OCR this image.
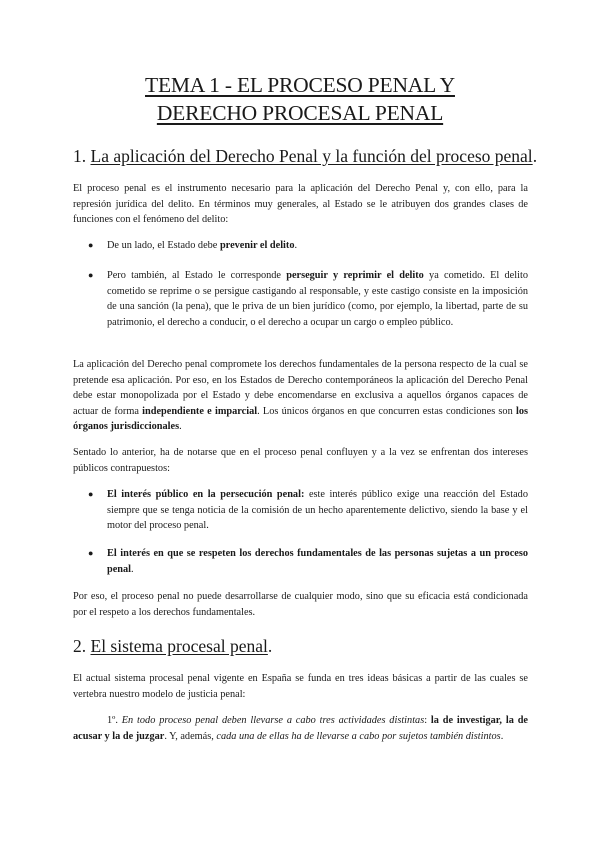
TEMA 1 - EL PROCESO PENAL Y
DERECHO PROCESAL PENAL
1. La aplicación del Derecho Penal y la función del proceso penal.

El proceso penal es el instrumento necesario para la aplicación del Derecho Penal y, con ello, para la represión jurídica del delito. En términos muy generales, al Estado se le atribuyen dos grandes clases de funciones con el fenómeno del delito:

● De un lado, el Estado debe prevenir el delito.

● Pero también, al Estado le corresponde perseguir y reprimir el delito ya cometido. El delito cometido se reprime o se persigue castigando al responsable, y este castigo consiste en la imposición de una sanción (la pena), que le priva de un bien jurídico (como, por ejemplo, la libertad, parte de su patrimonio, el derecho a conducir, o el derecho a ocupar un cargo o empleo público.

La aplicación del Derecho penal compromete los derechos fundamentales de la persona respecto de la cual se pretende esa aplicación. Por eso, en los Estados de Derecho contemporáneos la aplicación del Derecho Penal debe estar monopolizada por el Estado y debe encomendarse en exclusiva a aquellos órganos capaces de actuar de forma independiente e imparcial. Los únicos órganos en que concurren estas condiciones son los órganos jurisdiccionales.

Sentado lo anterior, ha de notarse que en el proceso penal confluyen y a la vez se enfrentan dos intereses públicos contrapuestos:

● El interés público en la persecución penal: este interés público exige una reacción del Estado siempre que se tenga noticia de la comisión de un hecho aparentemente delictivo, siendo la base y el motor del proceso penal.

● El interés en que se respeten los derechos fundamentales de las personas sujetas a un proceso penal.

Por eso, el proceso penal no puede desarrollarse de cualquier modo, sino que su eficacia está condicionada por el respeto a los derechos fundamentales.

2. El sistema procesal penal.

El actual sistema procesal penal vigente en España se funda en tres ideas básicas a partir de las cuales se vertebra nuestro modelo de justicia penal:

1º. En todo proceso penal deben llevarse a cabo tres actividades distintas: la de investigar, la de acusar y la de juzgar. Y, además, cada una de ellas ha de llevarse a cabo por sujetos también distintos.
